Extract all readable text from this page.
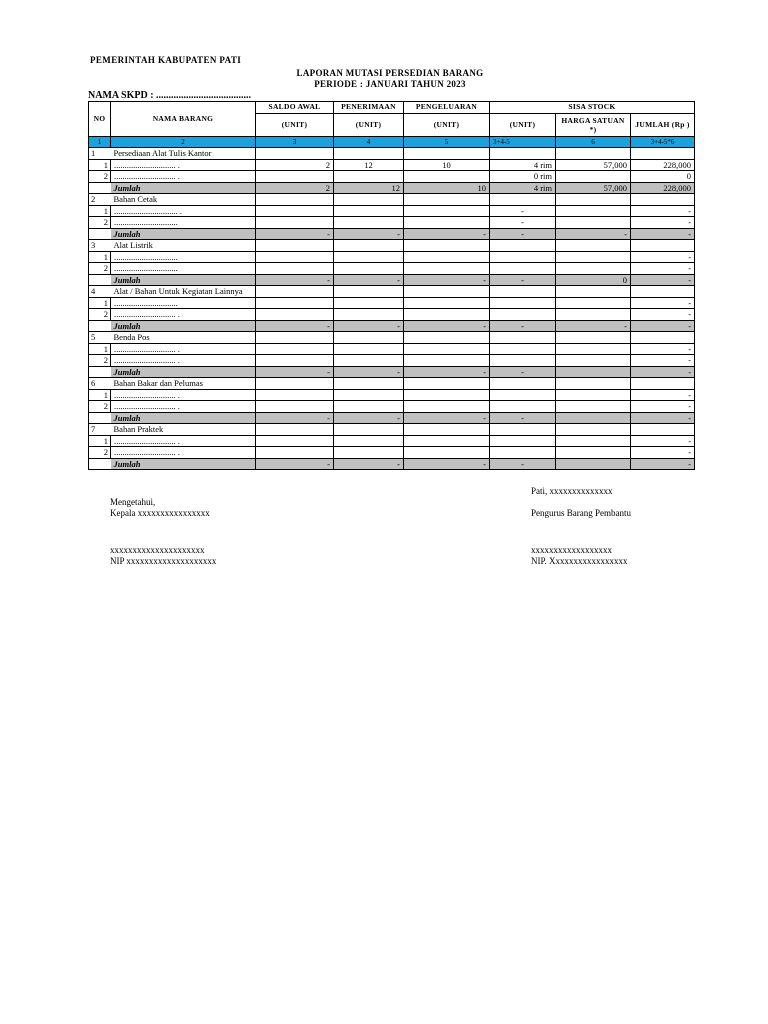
PEMERINTAH KABUPATEN PATI
LAPORAN MUTASI PERSEDIAN BARANG
PERIODE : JANUARI TAHUN 2023
NAMA SKPD : ......................................
NO	NAMA BARANG	SALDO AWAL	PENERIMAAN	PENGELUARAN	SISA STOCK		
		(UNIT)	(UNIT)	(UNIT)	(UNIT)	HARGA SATUAN *)	JUMLAH (Rp )
1	2	3	4	5	3+4-5	6	3+4-5*6
1	Persediaan Alat Tulis Kantor						
1	............................. .	2	12	10	4 rim	57,000	228,000
2	............................. .				0 rim		0
	Jumlah	2	12	10	4 rim	57,000	228,000
2	Bahan Cetak						
1	.............................. .				-		-
2	..............................				-		-
	Jumlah	-	-	-	-	-	-
3	Alat Listrik						
1	..............................						-
2	..............................						-
	Jumlah	-	-	-	-	0	-
4	Alat / Bahan Untuk Kegiatan Lainnya						
1	..............................						-
2	............................. .						-
	Jumlah	-	-	-	-	-	-
5	Benda Pos						
1	............................. .						-
2	............................. .						-
	Jumlah	-	-	-	-		-
6	Bahan Bakar dan Pelumas						
1	............................. .						-
2	............................. .						-
	Jumlah	-	-	-	-		-
7	Bahan Praktek						
1	............................. .						-
2	............................. .						-
	Jumlah	-	-	-	-		-
Pati, xxxxxxxxxxxxxx
Mengetahui,
Kepala xxxxxxxxxxxxxxxx	Pengurus Barang Pembantu
xxxxxxxxxxxxxxxxxxxxx
NIP xxxxxxxxxxxxxxxxxxxx
xxxxxxxxxxxxxxxxxx
NIP. Xxxxxxxxxxxxxxxxx
